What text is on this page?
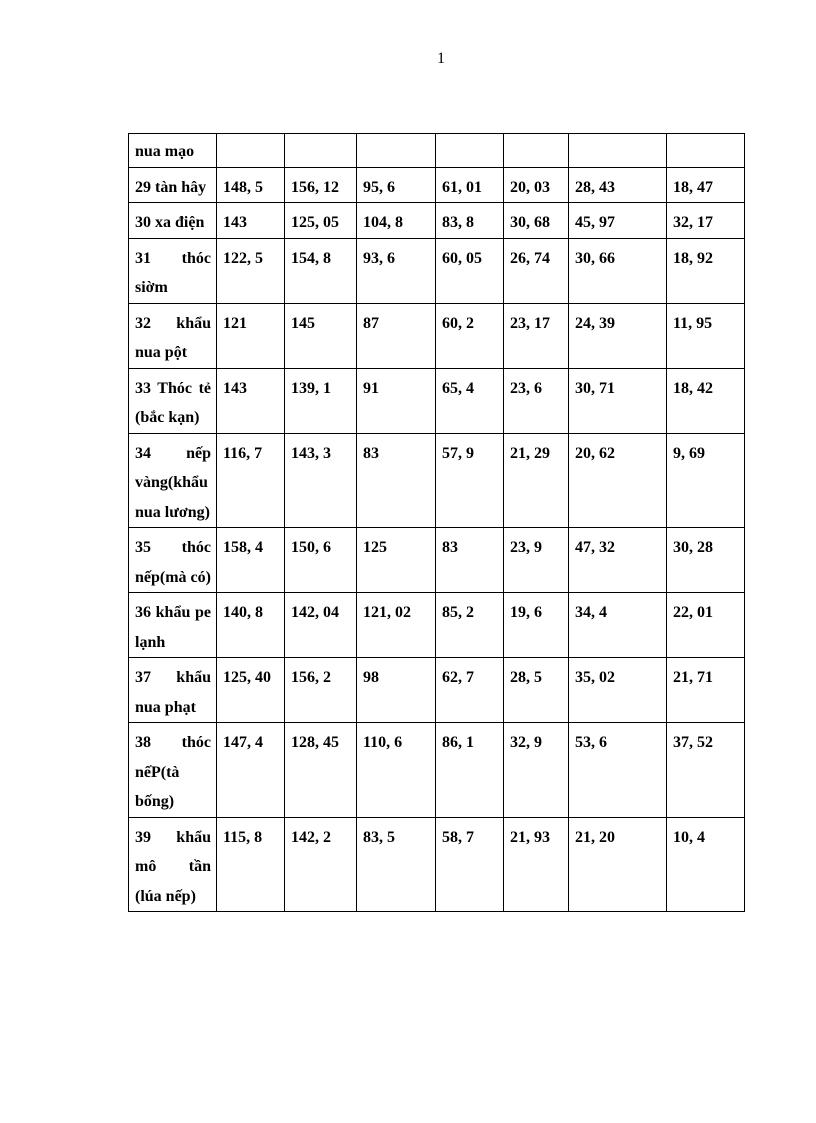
1
nua mạo							
29 tàn hây	148, 5	156, 12	95, 6	61, 01	20, 03	28, 43	18, 47
30 xa điện	143	125, 05	104, 8	83, 8	30, 68	45, 97	32, 17
31 thóc siờm	122, 5	154, 8	93, 6	60, 05	26, 74	30, 66	18, 92
32 khẩu nua pột	121	145	87	60, 2	23, 17	24, 39	11, 95
33 Thóc tẻ (bắc kạn)	143	139, 1	91	65, 4	23, 6	30, 71	18, 42
34 nếp vàng(khẩu nua lương)	116, 7	143, 3	83	57, 9	21, 29	20, 62	9, 69
35 thóc nếp(mà có)	158, 4	150, 6	125	83	23, 9	47, 32	30, 28
36 khẩu pe lạnh	140, 8	142, 04	121, 02	85, 2	19, 6	34, 4	22, 01
37 khẩu nua phạt	125, 40	156, 2	98	62, 7	28, 5	35, 02	21, 71
38 thóc nếP(tà bống)	147, 4	128, 45	110, 6	86, 1	32, 9	53, 6	37, 52
39 khẩu mô tần (lúa nếp)	115, 8	142, 2	83, 5	58, 7	21, 93	21, 20	10, 4
